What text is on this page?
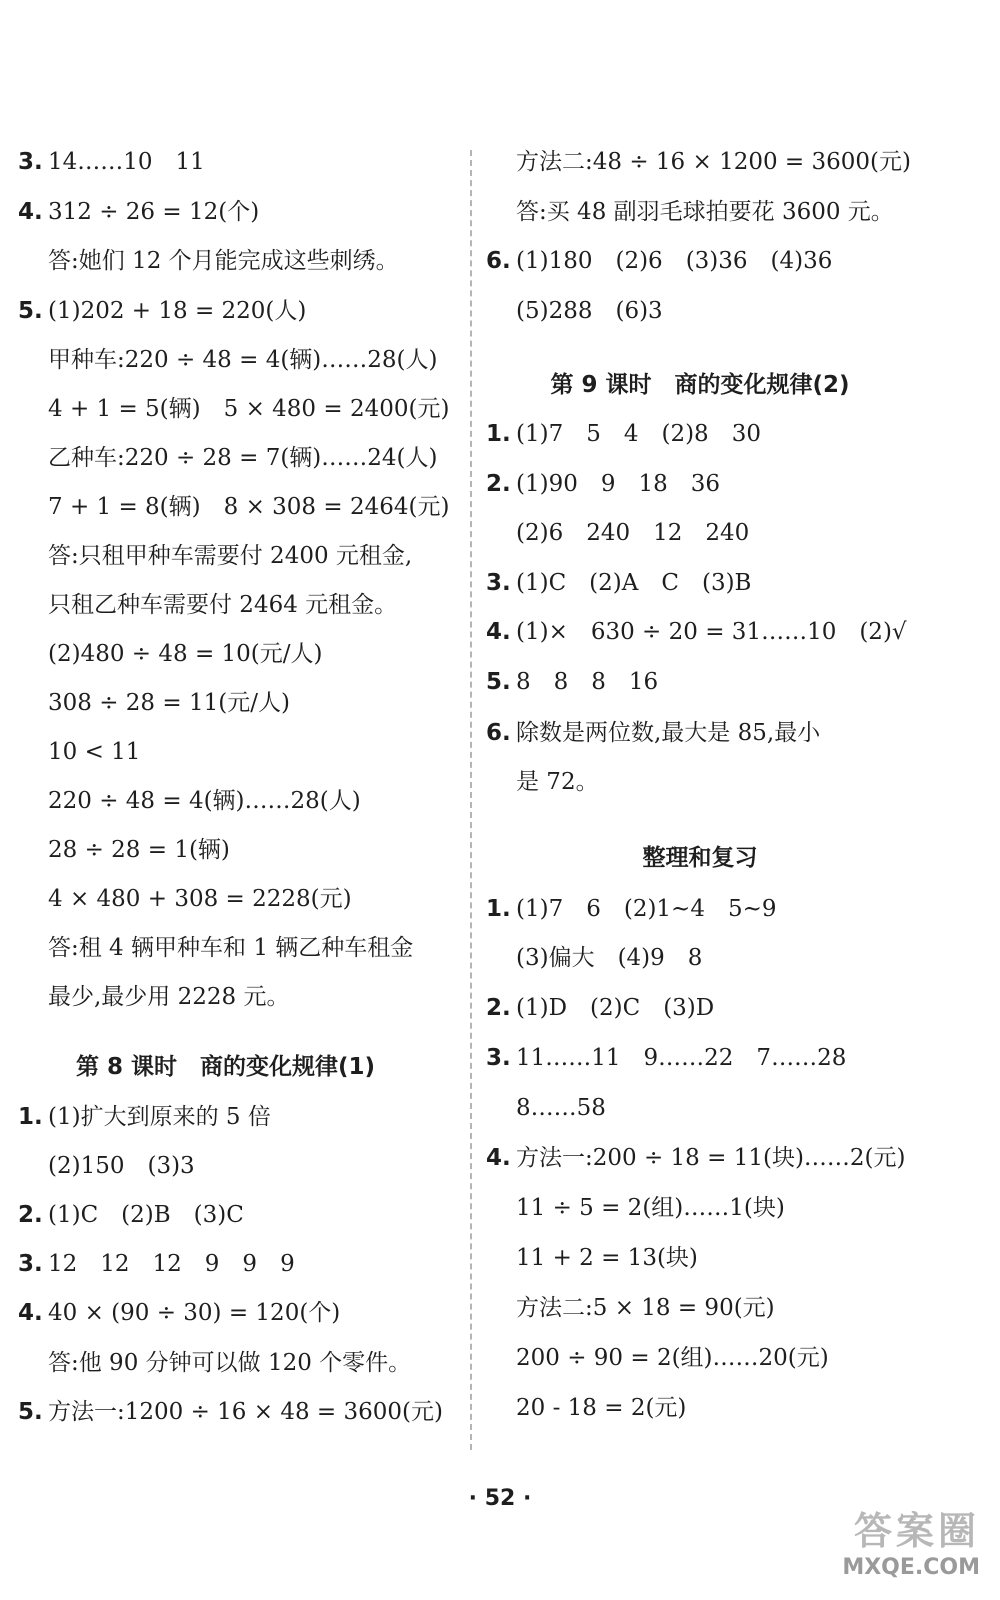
3. 14……10　11
4. 312 ÷ 26 = 12(个)
答:她们 12 个月能完成这些刺绣。
5. (1)202 + 18 = 220(人)
甲种车:220 ÷ 48 = 4(辆)……28(人)
4 + 1 = 5(辆)　5 × 480 = 2400(元)
乙种车:220 ÷ 28 = 7(辆)……24(人)
7 + 1 = 8(辆)　8 × 308 = 2464(元)
答:只租甲种车需要付 2400 元租金,
只租乙种车需要付 2464 元租金。
(2)480 ÷ 48 = 10(元/人)
308 ÷ 28 = 11(元/人)
10 < 11
220 ÷ 48 = 4(辆)……28(人)
28 ÷ 28 = 1(辆)
4 × 480 + 308 = 2228(元)
答:租 4 辆甲种车和 1 辆乙种车租金
最少,最少用 2228 元。
第 8 课时　商的变化规律(1)
1. (1)扩大到原来的 5 倍
(2)150　(3)3
2. (1)C　(2)B　(3)C
3. 12　12　12　9　9　9
4. 40 × (90 ÷ 30) = 120(个)
答:他 90 分钟可以做 120 个零件。
5. 方法一:1200 ÷ 16 × 48 = 3600(元)
方法二:48 ÷ 16 × 1200 = 3600(元)
答:买 48 副羽毛球拍要花 3600 元。
6. (1)180　(2)6　(3)36　(4)36
(5)288　(6)3
第 9 课时　商的变化规律(2)
1. (1)7　5　4　(2)8　30
2. (1)90　9　18　36
(2)6　240　12　240
3. (1)C　(2)A　C　(3)B
4. (1)×　630 ÷ 20 = 31……10　(2)√
5. 8　8　8　16
6. 除数是两位数,最大是 85,最小
是 72。
整理和复习
1. (1)7　6　(2)1~4　5~9
(3)偏大　(4)9　8
2. (1)D　(2)C　(3)D
3. 11……11　9……22　7……28
8……58
4. 方法一:200 ÷ 18 = 11(块)……2(元)
11 ÷ 5 = 2(组)……1(块)
11 + 2 = 13(块)
方法二:5 × 18 = 90(元)
200 ÷ 90 = 2(组)……20(元)
20 - 18 = 2(元)
· 52 ·
答案圈
MXQE.COM
